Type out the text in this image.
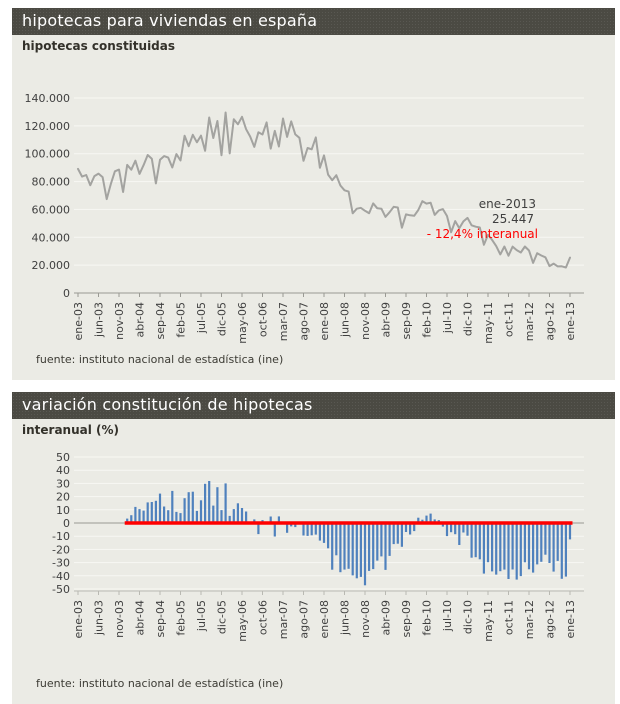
hipotecas para viviendas en españa
hipotecas constituidas
0
20.000
40.000
60.000
80.000
100.000
120.000
140.000
ene-03 jun-03 nov-03 abr-04 sep-04 feb-05 jul-05 dic-05 may-06 oct-06 mar-07 ago-07 ene-08 jun-08 nov-08 abr-09 sep-09 feb-10 jul-10 dic-10 may-11 oct-11 mar-12 ago-12 ene-13
ene-2013
25.447
- 12,4% interanual
fuente: instituto nacional de estadística (ine)
variación constitución de hipotecas
interanual (%)
50
40
30
20
10
0
-10
-20
-30
-40
-50
ene-03 jun-03 nov-03 abr-04 sep-04 feb-05 jul-05 dic-05 may-06 oct-06 mar-07 ago-07 ene-08 jun-08 nov-08 abr-09 sep-09 feb-10 jul-10 dic-10 may-11 oct-11 mar-12 ago-12 ene-13
fuente: instituto nacional de estadística (ine)
